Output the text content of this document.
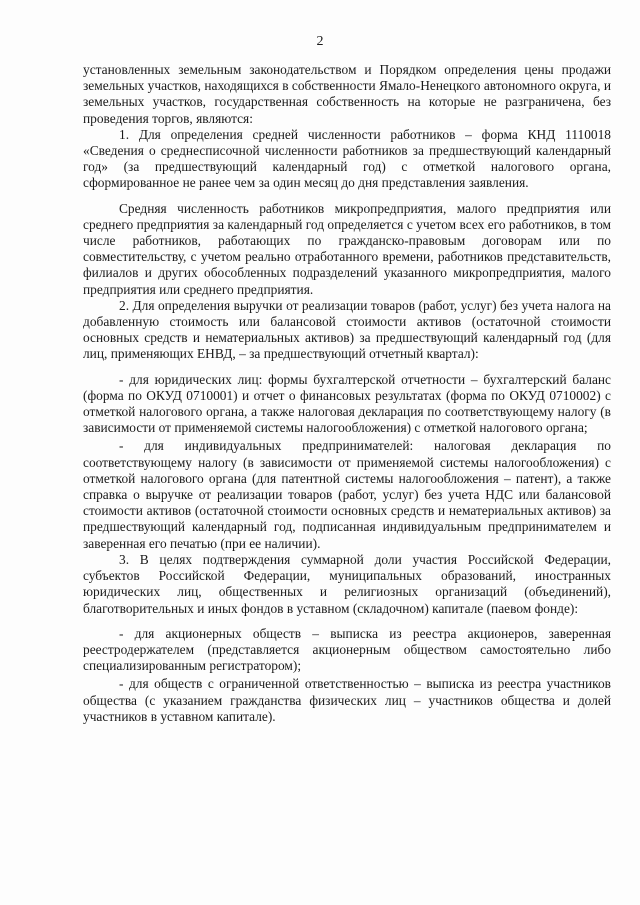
2

установленных земельным законодательством и Порядком определения цены продажи земельных участков, находящихся в собственности Ямало-Ненецкого автономного округа, и земельных участков, государственная собственность на которые не разграничена, без проведения торгов, являются:

1. Для определения средней численности работников – форма КНД 1110018 «Сведения о среднесписочной численности работников за предшествующий календарный год» (за предшествующий календарный год) с отметкой налогового органа, сформированное не ранее чем за один месяц до дня представления заявления.

Средняя численность работников микропредприятия, малого предприятия или среднего предприятия за календарный год определяется с учетом всех его работников, в том числе работников, работающих по гражданско-правовым договорам или по совместительству, с учетом реально отработанного времени, работников представительств, филиалов и других обособленных подразделений указанного микропредприятия, малого предприятия или среднего предприятия.

2. Для определения выручки от реализации товаров (работ, услуг) без учета налога на добавленную стоимость или балансовой стоимости активов (остаточной стоимости основных средств и нематериальных активов) за предшествующий календарный год (для лиц, применяющих ЕНВД, – за предшествующий отчетный квартал):

- для юридических лиц: формы бухгалтерской отчетности – бухгалтерский баланс (форма по ОКУД 0710001) и отчет о финансовых результатах (форма по ОКУД 0710002) с отметкой налогового органа, а также налоговая декларация по соответствующему налогу (в зависимости от применяемой системы налогообложения) с отметкой налогового органа;

- для индивидуальных предпринимателей: налоговая декларация по соответствующему налогу (в зависимости от применяемой системы налогообложения) с отметкой налогового органа (для патентной системы налогообложения – патент), а также справка о выручке от реализации товаров (работ, услуг) без учета НДС или балансовой стоимости активов (остаточной стоимости основных средств и нематериальных активов) за предшествующий календарный год, подписанная индивидуальным предпринимателем и заверенная его печатью (при ее наличии).

3. В целях подтверждения суммарной доли участия Российской Федерации, субъектов Российской Федерации, муниципальных образований, иностранных юридических лиц, общественных и религиозных организаций (объединений), благотворительных и иных фондов в уставном (складочном) капитале (паевом фонде):

- для акционерных обществ – выписка из реестра акционеров, заверенная реестродержателем (представляется акционерным обществом самостоятельно либо специализированным регистратором);

- для обществ с ограниченной ответственностью – выписка из реестра участников общества (с указанием гражданства физических лиц – участников общества и долей участников в уставном капитале).
